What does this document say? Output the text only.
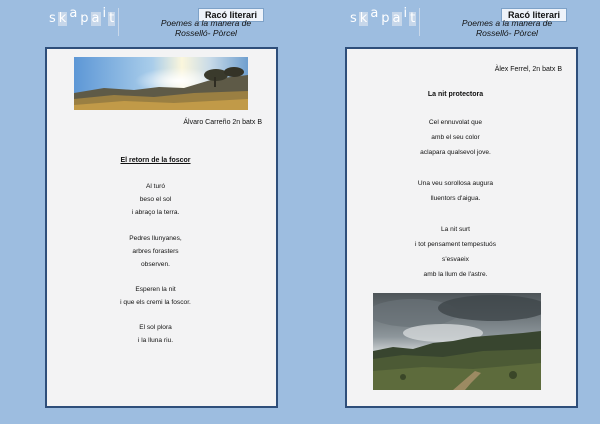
s k a p a i t	Racó literari
Poemes a la manera de
Rosselló- Pòrcel
s k a p a i t	Racó literari
Poemes a la manera de
Rosselló- Pòrcel
Álvaro Carreño 2n batx B
El retorn de la foscor
Al turó
beso el sol
i abraço la terra.
Pedres llunyanes,
arbres forasters
observen.
Esperen la nit
i que els cremi la foscor.
El sol plora
i la lluna riu.
Àlex Ferrel, 2n batx B
La nit protectora
Cel ennuvolat que
amb el seu color
aclapara qualsevol jove.
Una veu sorollosa augura
lluentors d'aigua.
La nit surt
i tot pensament tempestuós
s'esvaeix
amb la llum de l'astre.
